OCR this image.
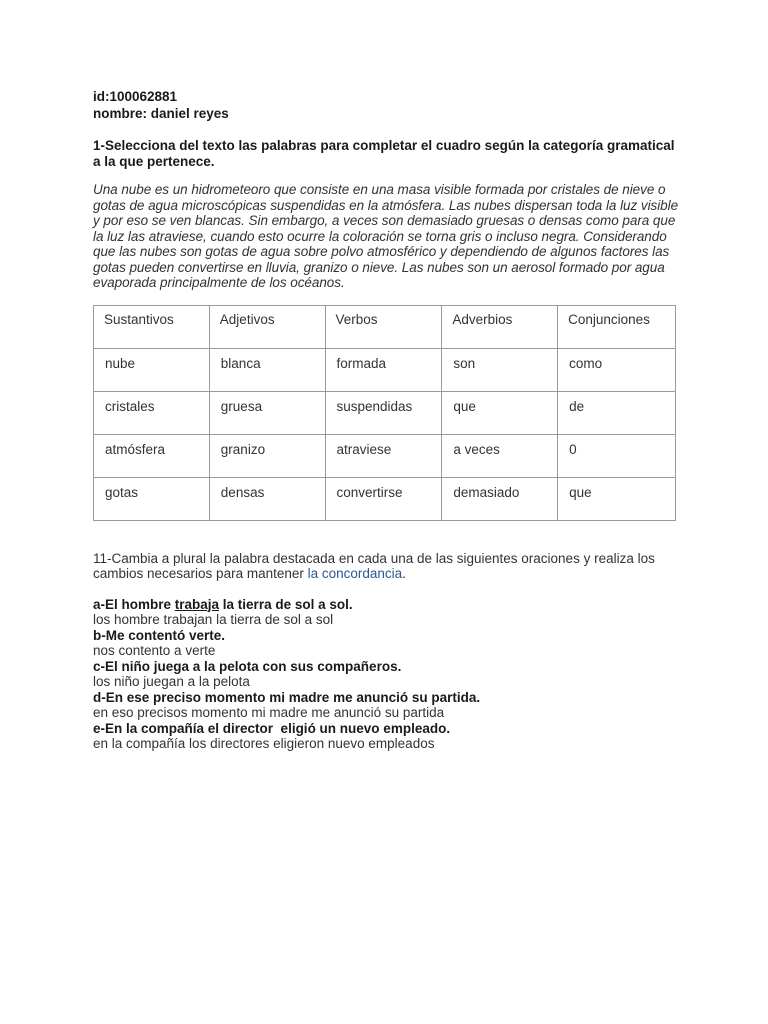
id:100062881
nombre: daniel reyes
1-Selecciona del texto las palabras para completar el cuadro según la categoría gramatical a la que pertenece.
Una nube es un hidrometeoro que consiste en una masa visible formada por cristales de nieve o gotas de agua microscópicas suspendidas en la atmósfera. Las nubes dispersan toda la luz visible y por eso se ven blancas. Sin embargo, a veces son demasiado gruesas o densas como para que la luz las atraviese, cuando esto ocurre la coloración se torna gris o incluso negra. Considerando que las nubes son gotas de agua sobre polvo atmosférico y dependiendo de algunos factores las gotas pueden convertirse en lluvia, granizo o nieve. Las nubes son un aerosol formado por agua evaporada principalmente de los océanos.
Sustantivos	Adjetivos	Verbos	Adverbios	Conjunciones
nube	blanca	formada	son	como
cristales	gruesa	suspendidas	que	de
atmósfera	granizo	atraviese	a veces	0
gotas	densas	convertirse	demasiado	que
11-Cambia a plural la palabra destacada en cada una de las siguientes oraciones y realiza los cambios necesarios para mantener la concordancia.
a-El hombre trabaja la tierra de sol a sol.
los hombre trabajan la tierra de sol a sol
b-Me contentó verte.
nos contento a verte
c-El niño juega a la pelota con sus compañeros.
los niño juegan a la pelota
d-En ese preciso momento mi madre me anunció su partida.
en eso precisos momento mi madre me anunció su partida
e-En la compañía el director  eligió un nuevo empleado.
en la compañía los directores eligieron nuevo empleados
